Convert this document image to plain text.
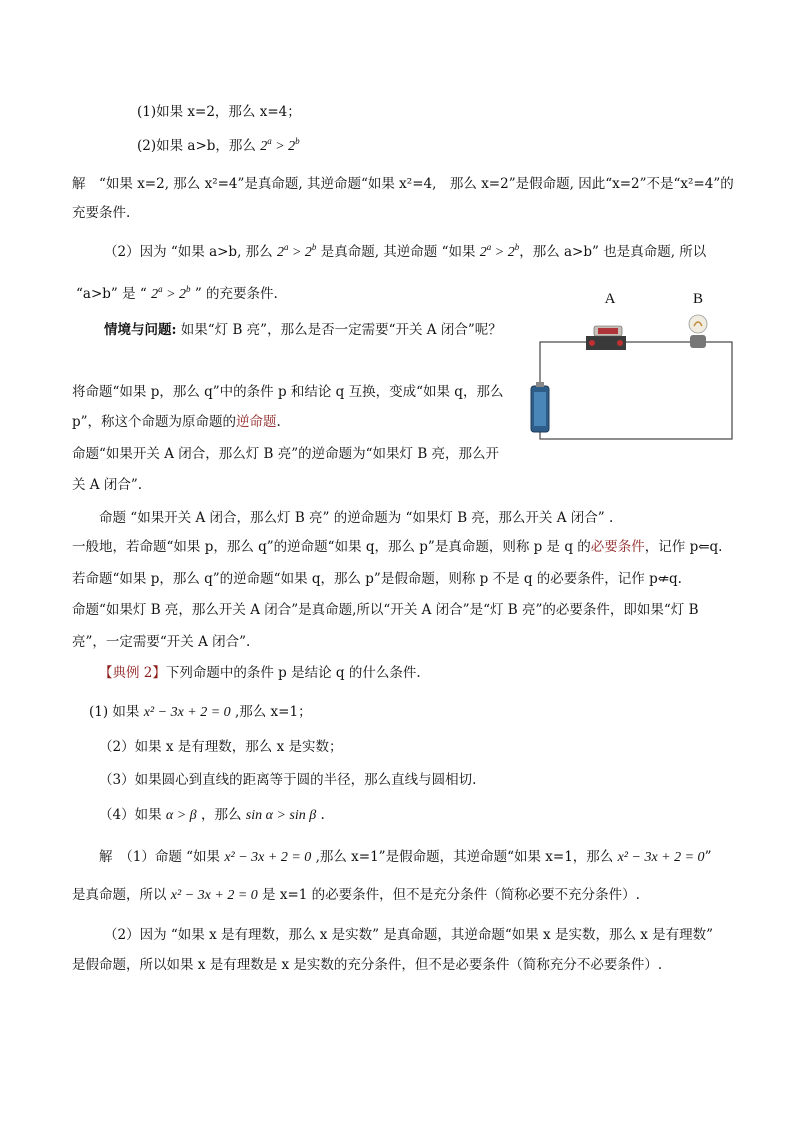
(1)如果 x=2，那么 x=4；
(2)如果 a>b，那么 $2^a > 2^b$
解　“如果 x=2, 那么 x²=4”是真命题, 其逆命题“如果 x²=4,　那么 x=2”是假命题, 因此“x=2”不是“x²=4”的
充要条件.
（2）因为 “如果 a>b, 那么 $2^a > 2^b$ 是真命题, 其逆命题 “如果 $2^a > 2^b$，那么 a>b” 也是真命题, 所以
“a>b” 是 “ $2^a > 2^b$ ” 的充要条件.
情境与问题: 如果“灯 B 亮”，那么是否一定需要“开关 A 闭合”呢？
将命题“如果 p，那么 q”中的条件 p 和结论 q 互换，变成“如果 q，那么
p”，称这个命题为原命题的逆命题.
命题“如果开关 A 闭合，那么灯 B 亮”的逆命题为“如果灯 B 亮，那么开
关 A 闭合”.
命题 “如果开关 A 闭合，那么灯 B 亮” 的逆命题为 “如果灯 B 亮，那么开关 A 闭合” .
一般地，若命题“如果 p，那么 q”的逆命题“如果 q，那么 p”是真命题，则称 p 是 q 的必要条件，记作 p⇐q.
若命题“如果 p，那么 q”的逆命题“如果 q，那么 p”是假命题，则称 p 不是 q 的必要条件，记作 p⇍q.
命题“如果灯 B 亮，那么开关 A 闭合”是真命题,所以“开关 A 闭合”是“灯 B 亮”的必要条件，即如果“灯 B
亮”，一定需要“开关 A 闭合”.
【典例 2】下列命题中的条件 p 是结论 q 的什么条件.
(1) 如果 x² − 3x + 2 = 0 ,那么 x=1；
（2）如果 x 是有理数，那么 x 是实数；
（3）如果圆心到直线的距离等于圆的半径，那么直线与圆相切.
（4）如果 α > β ，那么 sin α > sin β .
解　（1）命题 “如果 x² − 3x + 2 = 0 ,那么 x=1”是假命题，其逆命题“如果 x=1，那么 x² − 3x + 2 = 0”
是真命题，所以 x² − 3x + 2 = 0 是 x=1 的必要条件，但不是充分条件（简称必要不充分条件）.
（2）因为 “如果 x 是有理数，那么 x 是实数” 是真命题，其逆命题“如果 x 是实数，那么 x 是有理数”
是假命题，所以如果 x 是有理数是 x 是实数的充分条件，但不是必要条件（简称充分不必要条件）.
A	B
